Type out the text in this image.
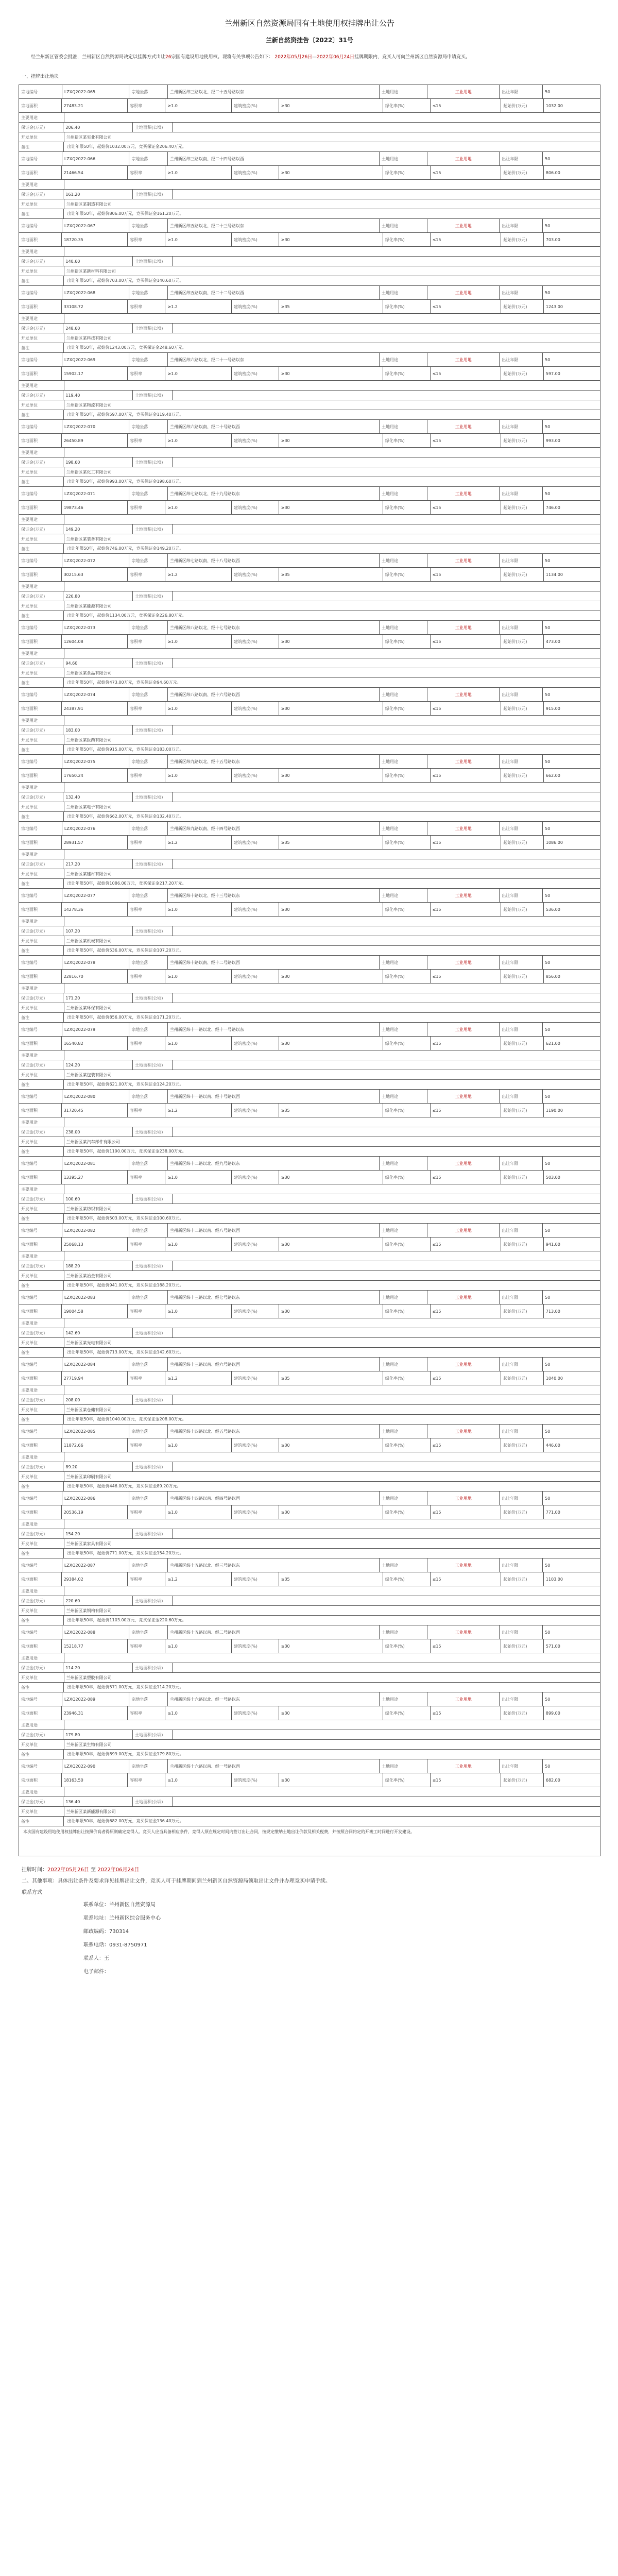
兰州新区自然资源局国有土地使用权挂牌出让公告
兰新自然资挂告〔2022〕31号
经兰州新区管委会批准，兰州新区自然资源局决定以挂牌方式出让26宗国有建设用地使用权。现将有关事项公告如下： 2022年05月26日—2022年06月24日挂牌期限内，竞买人可向兰州新区自然资源局申请竞买。
一、挂牌出让地块
宗地编号	LZXQ2022-065	宗地坐落	兰州新区纬三路以北、经二十五号路以东	土地用途	工业用地	出让年限	50
宗地面积	27483.21	容积率	≥1.0	建筑密度(%)	≥30	绿化率(%)	≤15	起始价(万元)	1032.00
主要用途
保证金(万元)	206.40	土地面积(公顷)
开发单位	兰州新区某实业有限公司
备注	出让年限50年，起始价1032.00万元，竞买保证金206.40万元。
宗地编号	LZXQ2022-066	宗地坐落	兰州新区纬三路以南、经二十四号路以西	土地用途	工业用地	出让年限	50
宗地面积	21466.54	容积率	≥1.0	建筑密度(%)	≥30	绿化率(%)	≤15	起始价(万元)	806.00
主要用途
保证金(万元)	161.20	土地面积(公顷)
开发单位	兰州新区某制造有限公司
备注	出让年限50年，起始价806.00万元，竞买保证金161.20万元。
宗地编号	LZXQ2022-067	宗地坐落	兰州新区纬五路以北、经二十三号路以东	土地用途	工业用地	出让年限	50
宗地面积	18720.35	容积率	≥1.0	建筑密度(%)	≥30	绿化率(%)	≤15	起始价(万元)	703.00
主要用途
保证金(万元)	140.60	土地面积(公顷)
开发单位	兰州新区某新材料有限公司
备注	出让年限50年，起始价703.00万元，竞买保证金140.60万元。
宗地编号	LZXQ2022-068	宗地坐落	兰州新区纬五路以南、经二十二号路以西	土地用途	工业用地	出让年限	50
宗地面积	33108.72	容积率	≥1.2	建筑密度(%)	≥35	绿化率(%)	≤15	起始价(万元)	1243.00
主要用途
保证金(万元)	248.60	土地面积(公顷)
开发单位	兰州新区某科技有限公司
备注	出让年限50年，起始价1243.00万元，竞买保证金248.60万元。
宗地编号	LZXQ2022-069	宗地坐落	兰州新区纬六路以北、经二十一号路以东	土地用途	工业用地	出让年限	50
宗地面积	15902.17	容积率	≥1.0	建筑密度(%)	≥30	绿化率(%)	≤15	起始价(万元)	597.00
主要用途
保证金(万元)	119.40	土地面积(公顷)
开发单位	兰州新区某物流有限公司
备注	出让年限50年，起始价597.00万元，竞买保证金119.40万元。
宗地编号	LZXQ2022-070	宗地坐落	兰州新区纬六路以南、经二十号路以西	土地用途	工业用地	出让年限	50
宗地面积	26450.89	容积率	≥1.0	建筑密度(%)	≥30	绿化率(%)	≤15	起始价(万元)	993.00
主要用途
保证金(万元)	198.60	土地面积(公顷)
开发单位	兰州新区某化工有限公司
备注	出让年限50年，起始价993.00万元，竞买保证金198.60万元。
宗地编号	LZXQ2022-071	宗地坐落	兰州新区纬七路以北、经十九号路以东	土地用途	工业用地	出让年限	50
宗地面积	19873.46	容积率	≥1.0	建筑密度(%)	≥30	绿化率(%)	≤15	起始价(万元)	746.00
主要用途
保证金(万元)	149.20	土地面积(公顷)
开发单位	兰州新区某装备有限公司
备注	出让年限50年，起始价746.00万元，竞买保证金149.20万元。
宗地编号	LZXQ2022-072	宗地坐落	兰州新区纬七路以南、经十八号路以西	土地用途	工业用地	出让年限	50
宗地面积	30215.63	容积率	≥1.2	建筑密度(%)	≥35	绿化率(%)	≤15	起始价(万元)	1134.00
主要用途
保证金(万元)	226.80	土地面积(公顷)
开发单位	兰州新区某能源有限公司
备注	出让年限50年，起始价1134.00万元，竞买保证金226.80万元。
宗地编号	LZXQ2022-073	宗地坐落	兰州新区纬八路以北、经十七号路以东	土地用途	工业用地	出让年限	50
宗地面积	12604.08	容积率	≥1.0	建筑密度(%)	≥30	绿化率(%)	≤15	起始价(万元)	473.00
主要用途
保证金(万元)	94.60	土地面积(公顷)
开发单位	兰州新区某食品有限公司
备注	出让年限50年，起始价473.00万元，竞买保证金94.60万元。
宗地编号	LZXQ2022-074	宗地坐落	兰州新区纬八路以南、经十六号路以西	土地用途	工业用地	出让年限	50
宗地面积	24387.91	容积率	≥1.0	建筑密度(%)	≥30	绿化率(%)	≤15	起始价(万元)	915.00
主要用途
保证金(万元)	183.00	土地面积(公顷)
开发单位	兰州新区某医药有限公司
备注	出让年限50年，起始价915.00万元，竞买保证金183.00万元。
宗地编号	LZXQ2022-075	宗地坐落	兰州新区纬九路以北、经十五号路以东	土地用途	工业用地	出让年限	50
宗地面积	17650.24	容积率	≥1.0	建筑密度(%)	≥30	绿化率(%)	≤15	起始价(万元)	662.00
主要用途
保证金(万元)	132.40	土地面积(公顷)
开发单位	兰州新区某电子有限公司
备注	出让年限50年，起始价662.00万元，竞买保证金132.40万元。
宗地编号	LZXQ2022-076	宗地坐落	兰州新区纬九路以南、经十四号路以西	土地用途	工业用地	出让年限	50
宗地面积	28931.57	容积率	≥1.2	建筑密度(%)	≥35	绿化率(%)	≤15	起始价(万元)	1086.00
主要用途
保证金(万元)	217.20	土地面积(公顷)
开发单位	兰州新区某建材有限公司
备注	出让年限50年，起始价1086.00万元，竞买保证金217.20万元。
宗地编号	LZXQ2022-077	宗地坐落	兰州新区纬十路以北、经十三号路以东	土地用途	工业用地	出让年限	50
宗地面积	14278.36	容积率	≥1.0	建筑密度(%)	≥30	绿化率(%)	≤15	起始价(万元)	536.00
主要用途
保证金(万元)	107.20	土地面积(公顷)
开发单位	兰州新区某机械有限公司
备注	出让年限50年，起始价536.00万元，竞买保证金107.20万元。
宗地编号	LZXQ2022-078	宗地坐落	兰州新区纬十路以南、经十二号路以西	土地用途	工业用地	出让年限	50
宗地面积	22816.70	容积率	≥1.0	建筑密度(%)	≥30	绿化率(%)	≤15	起始价(万元)	856.00
主要用途
保证金(万元)	171.20	土地面积(公顷)
开发单位	兰州新区某环保有限公司
备注	出让年限50年，起始价856.00万元，竞买保证金171.20万元。
宗地编号	LZXQ2022-079	宗地坐落	兰州新区纬十一路以北、经十一号路以东	土地用途	工业用地	出让年限	50
宗地面积	16540.82	容积率	≥1.0	建筑密度(%)	≥30	绿化率(%)	≤15	起始价(万元)	621.00
主要用途
保证金(万元)	124.20	土地面积(公顷)
开发单位	兰州新区某包装有限公司
备注	出让年限50年，起始价621.00万元，竞买保证金124.20万元。
宗地编号	LZXQ2022-080	宗地坐落	兰州新区纬十一路以南、经十号路以西	土地用途	工业用地	出让年限	50
宗地面积	31720.45	容积率	≥1.2	建筑密度(%)	≥35	绿化率(%)	≤15	起始价(万元)	1190.00
主要用途
保证金(万元)	238.00	土地面积(公顷)
开发单位	兰州新区某汽车部件有限公司
备注	出让年限50年，起始价1190.00万元，竞买保证金238.00万元。
宗地编号	LZXQ2022-081	宗地坐落	兰州新区纬十二路以北、经九号路以东	土地用途	工业用地	出让年限	50
宗地面积	13395.27	容积率	≥1.0	建筑密度(%)	≥30	绿化率(%)	≤15	起始价(万元)	503.00
主要用途
保证金(万元)	100.60	土地面积(公顷)
开发单位	兰州新区某纺织有限公司
备注	出让年限50年，起始价503.00万元，竞买保证金100.60万元。
宗地编号	LZXQ2022-082	宗地坐落	兰州新区纬十二路以南、经八号路以西	土地用途	工业用地	出让年限	50
宗地面积	25068.13	容积率	≥1.0	建筑密度(%)	≥30	绿化率(%)	≤15	起始价(万元)	941.00
主要用途
保证金(万元)	188.20	土地面积(公顷)
开发单位	兰州新区某冶金有限公司
备注	出让年限50年，起始价941.00万元，竞买保证金188.20万元。
宗地编号	LZXQ2022-083	宗地坐落	兰州新区纬十三路以北、经七号路以东	土地用途	工业用地	出让年限	50
宗地面积	19004.58	容积率	≥1.0	建筑密度(%)	≥30	绿化率(%)	≤15	起始价(万元)	713.00
主要用途
保证金(万元)	142.60	土地面积(公顷)
开发单位	兰州新区某光电有限公司
备注	出让年限50年，起始价713.00万元，竞买保证金142.60万元。
宗地编号	LZXQ2022-084	宗地坐落	兰州新区纬十三路以南、经六号路以西	土地用途	工业用地	出让年限	50
宗地面积	27719.94	容积率	≥1.2	建筑密度(%)	≥35	绿化率(%)	≤15	起始价(万元)	1040.00
主要用途
保证金(万元)	208.00	土地面积(公顷)
开发单位	兰州新区某仓储有限公司
备注	出让年限50年，起始价1040.00万元，竞买保证金208.00万元。
宗地编号	LZXQ2022-085	宗地坐落	兰州新区纬十四路以北、经五号路以东	土地用途	工业用地	出让年限	50
宗地面积	11872.66	容积率	≥1.0	建筑密度(%)	≥30	绿化率(%)	≤15	起始价(万元)	446.00
主要用途
保证金(万元)	89.20	土地面积(公顷)
开发单位	兰州新区某印刷有限公司
备注	出让年限50年，起始价446.00万元，竞买保证金89.20万元。
宗地编号	LZXQ2022-086	宗地坐落	兰州新区纬十四路以南、经四号路以西	土地用途	工业用地	出让年限	50
宗地面积	20536.19	容积率	≥1.0	建筑密度(%)	≥30	绿化率(%)	≤15	起始价(万元)	771.00
主要用途
保证金(万元)	154.20	土地面积(公顷)
开发单位	兰州新区某家具有限公司
备注	出让年限50年，起始价771.00万元，竞买保证金154.20万元。
宗地编号	LZXQ2022-087	宗地坐落	兰州新区纬十五路以北、经三号路以东	土地用途	工业用地	出让年限	50
宗地面积	29384.02	容积率	≥1.2	建筑密度(%)	≥35	绿化率(%)	≤15	起始价(万元)	1103.00
主要用途
保证金(万元)	220.60	土地面积(公顷)
开发单位	兰州新区某钢构有限公司
备注	出让年限50年，起始价1103.00万元，竞买保证金220.60万元。
宗地编号	LZXQ2022-088	宗地坐落	兰州新区纬十五路以南、经二号路以西	土地用途	工业用地	出让年限	50
宗地面积	15218.77	容积率	≥1.0	建筑密度(%)	≥30	绿化率(%)	≤15	起始价(万元)	571.00
主要用途
保证金(万元)	114.20	土地面积(公顷)
开发单位	兰州新区某塑胶有限公司
备注	出让年限50年，起始价571.00万元，竞买保证金114.20万元。
宗地编号	LZXQ2022-089	宗地坐落	兰州新区纬十六路以北、经一号路以东	土地用途	工业用地	出让年限	50
宗地面积	23946.31	容积率	≥1.0	建筑密度(%)	≥30	绿化率(%)	≤15	起始价(万元)	899.00
主要用途
保证金(万元)	179.80	土地面积(公顷)
开发单位	兰州新区某生物有限公司
备注	出让年限50年，起始价899.00万元，竞买保证金179.80万元。
宗地编号	LZXQ2022-090	宗地坐落	兰州新区纬十六路以南、经一号路以西	土地用途	工业用地	出让年限	50
宗地面积	18163.50	容积率	≥1.0	建筑密度(%)	≥30	绿化率(%)	≤15	起始价(万元)	682.00
主要用途
保证金(万元)	136.40	土地面积(公顷)
开发单位	兰州新区某新能源有限公司
备注	出让年限50年，起始价682.00万元，竞买保证金136.40万元。
本次国有建设用地使用权挂牌出让按照价高者得原则确定竞得人。竞买人应当具备相应条件，竞得人须在规定时间内签订出让合同，按规定缴纳土地出让价款及相关税费，并按照合同约定的开竣工时间进行开发建设。
挂牌时间：2022年05月26日 至 2022年06月24日
二、其他事项：具体出让条件及要求详见挂牌出让文件，竞买人可于挂牌期间到兰州新区自然资源局领取出让文件并办理竞买申请手续。
联系方式
联系单位：兰州新区自然资源局
联系地址：兰州新区综合服务中心
邮政编码：730314
联系电话：0931-8750971
联系人：王
电子邮件：
